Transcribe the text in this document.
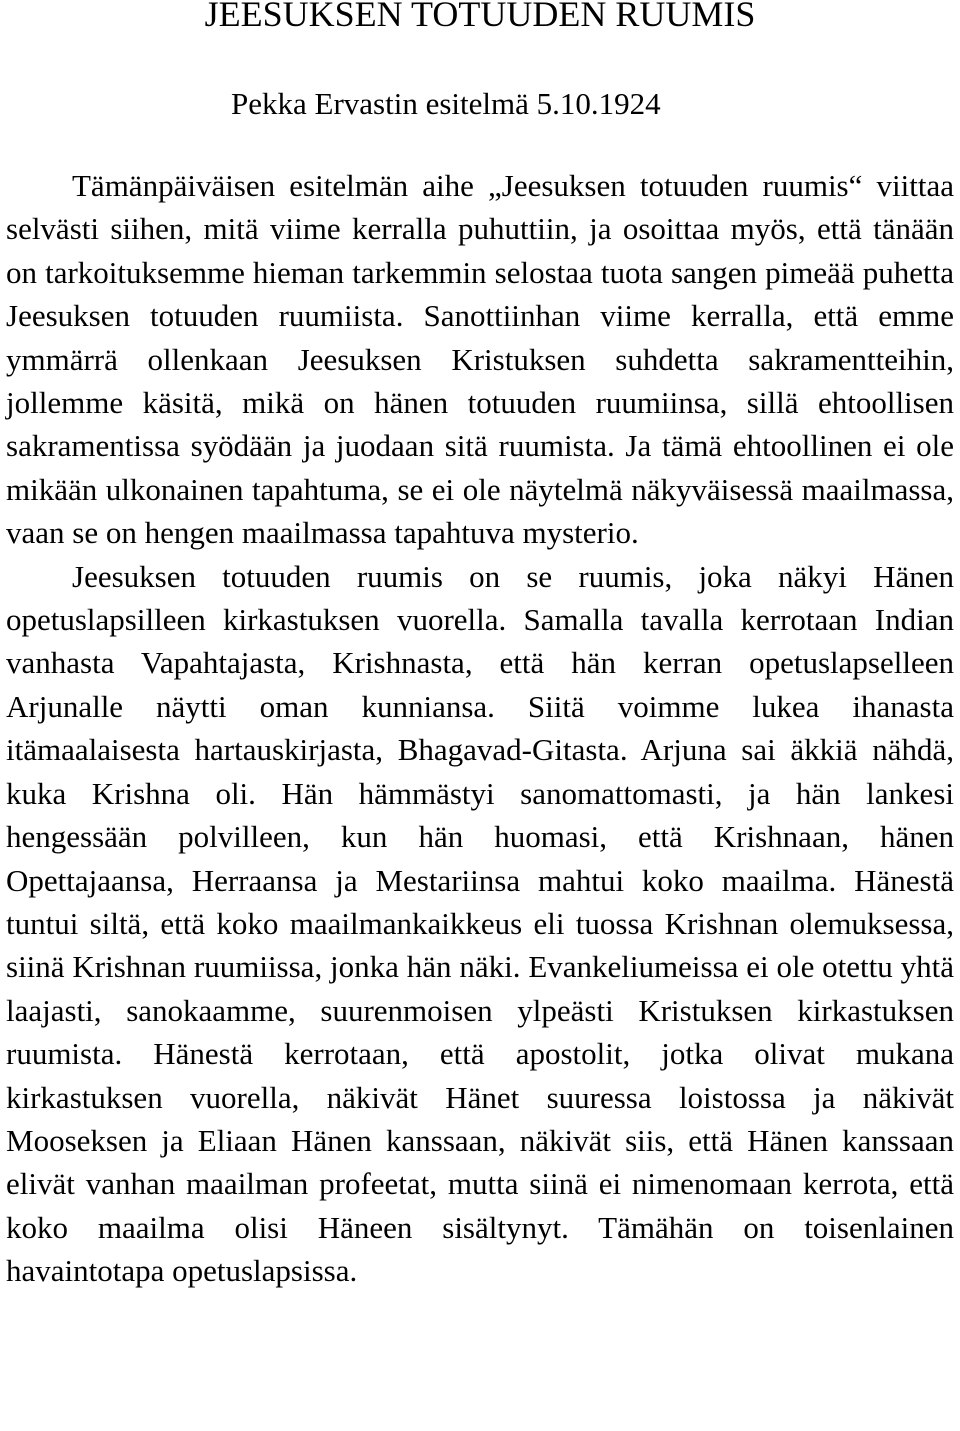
JEESUKSEN TOTUUDEN RUUMIS
Pekka Ervastin esitelmä 5.10.1924

Tämänpäiväisen esitelmän aihe „Jeesuksen totuuden ruumis“ viittaa selvästi siihen, mitä viime kerralla puhuttiin, ja osoittaa myös, että tänään on tarkoituksemme hieman tarkemmin selostaa tuota sangen pimeää puhetta Jeesuksen totuuden ruumiista. Sanottiinhan viime kerralla, että emme ymmärrä ollenkaan Jeesuksen Kristuksen suhdetta sakramentteihin, jollemme käsitä, mikä on hänen totuuden ruumiinsa, sillä ehtoollisen sakramentissa syödään ja juodaan sitä ruumista. Ja tämä ehtoollinen ei ole mikään ulkonainen tapahtuma, se ei ole näytelmä näkyväisessä maailmassa, vaan se on hengen maailmassa tapahtuva mysterio.

Jeesuksen totuuden ruumis on se ruumis, joka näkyi Hänen opetuslapsilleen kirkastuksen vuorella. Samalla tavalla kerrotaan Indian vanhasta Vapahtajasta, Krishnasta, että hän kerran opetuslapselleen Arjunalle näytti oman kunniansa. Siitä voimme lukea ihanasta itämaalaisesta hartauskirjasta, Bhagavad-Gitasta. Arjuna sai äkkiä nähdä, kuka Krishna oli. Hän hämmästyi sanomattomasti, ja hän lankesi hengessään polvilleen, kun hän huomasi, että Krishnaan, hänen Opettajaansa, Herraansa ja Mestariinsa mahtui koko maailma. Hänestä tuntui siltä, että koko maailmankaikkeus eli tuossa Krishnan olemuksessa, siinä Krishnan ruumiissa, jonka hän näki. Evankeliumeissa ei ole otettu yhtä laajasti, sanokaamme, suurenmoisen ylpeästi Kristuksen kirkastuksen ruumista. Hänestä kerrotaan, että apostolit, jotka olivat mukana kirkastuksen vuorella, näkivät Hänet suuressa loistossa ja näkivät Mooseksen ja Eliaan Hänen kanssaan, näkivät siis, että Hänen kanssaan elivät vanhan maailman profeetat, mutta siinä ei nimenomaan kerrota, että koko maailma olisi Häneen sisältynyt. Tämähän on toisenlainen havaintotapa opetuslapsissa.
